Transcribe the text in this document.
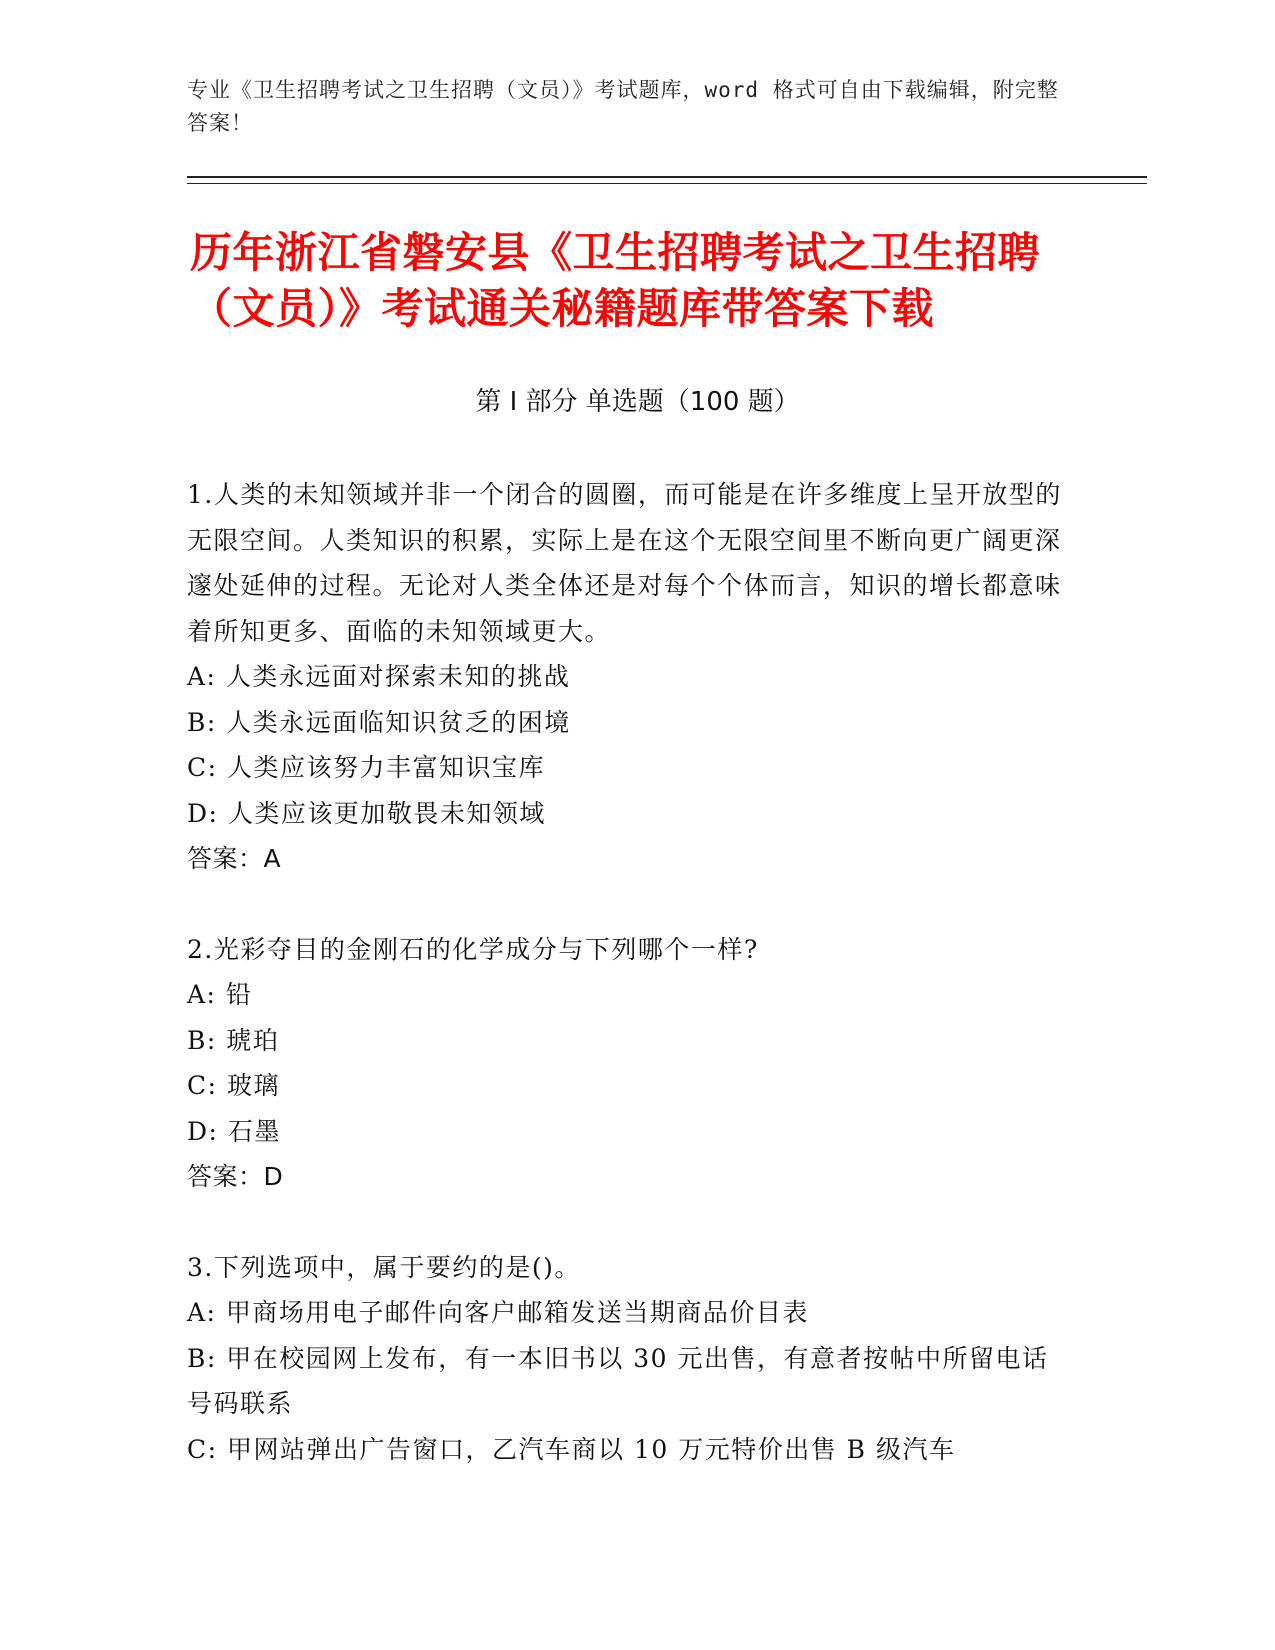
专业《卫生招聘考试之卫生招聘（文员）》考试题库，word 格式可自由下载编辑，附完整答案！
历年浙江省磐安县《卫生招聘考试之卫生招聘（文员）》考试通关秘籍题库带答案下载
第 I 部分 单选题（100 题）

1.人类的未知领域并非一个闭合的圆圈，而可能是在许多维度上呈开放型的无限空间。人类知识的积累，实际上是在这个无限空间里不断向更广阔更深邃处延伸的过程。无论对人类全体还是对每个个体而言，知识的增长都意味着所知更多、面临的未知领域更大。

A: 人类永远面对探索未知的挑战

B: 人类永远面临知识贫乏的困境

C: 人类应该努力丰富知识宝库

D: 人类应该更加敬畏未知领域

答案：A

2.光彩夺目的金刚石的化学成分与下列哪个一样?

A: 铅

B: 琥珀

C: 玻璃

D: 石墨

答案：D

3.下列选项中，属于要约的是()。

A: 甲商场用电子邮件向客户邮箱发送当期商品价目表

B: 甲在校园网上发布，有一本旧书以 30 元出售，有意者按帖中所留电话号码联系

C: 甲网站弹出广告窗口，乙汽车商以 10 万元特价出售 B 级汽车
